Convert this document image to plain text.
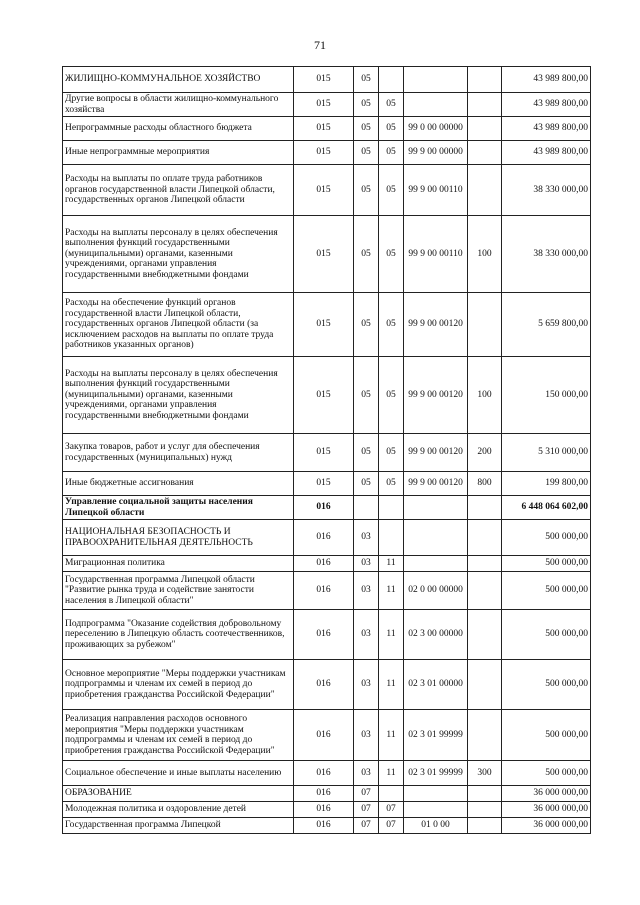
71
ЖИЛИЩНО-КОММУНАЛЬНОЕ ХОЗЯЙСТВО	015	05				43 989 800,00
Другие вопросы в области жилищно-коммунального хозяйства	015	05	05			43 989 800,00
Непрограммные расходы областного бюджета	015	05	05	99 0 00 00000		43 989 800,00
Иные непрограммные мероприятия	015	05	05	99 9 00 00000		43 989 800,00
Расходы на выплаты по оплате труда работников органов государственной власти Липецкой области, государственных органов Липецкой области	015	05	05	99 9 00 00110		38 330 000,00
Расходы на выплаты персоналу в целях обеспечения выполнения функций государственными (муниципальными) органами, казенными учреждениями, органами управления государственными внебюджетными фондами	015	05	05	99 9 00 00110	100	38 330 000,00
Расходы на обеспечение функций органов государственной власти Липецкой области, государственных органов Липецкой области (за исключением расходов на выплаты по оплате труда работников указанных органов)	015	05	05	99 9 00 00120		5 659 800,00
Расходы на выплаты персоналу в целях обеспечения выполнения функций государственными (муниципальными) органами, казенными учреждениями, органами управления государственными внебюджетными фондами	015	05	05	99 9 00 00120	100	150 000,00
Закупка товаров, работ и услуг для обеспечения государственных (муниципальных) нужд	015	05	05	99 9 00 00120	200	5 310 000,00
Иные бюджетные ассигнования	015	05	05	99 9 00 00120	800	199 800,00
Управление социальной защиты населения Липецкой области	016					6 448 064 602,00
НАЦИОНАЛЬНАЯ БЕЗОПАСНОСТЬ И ПРАВООХРАНИТЕЛЬНАЯ ДЕЯТЕЛЬНОСТЬ	016	03				500 000,00
Миграционная политика	016	03	11			500 000,00
Государственная программа Липецкой области "Развитие рынка труда и содействие занятости населения в Липецкой области"	016	03	11	02 0 00 00000		500 000,00
Подпрограмма "Оказание содействия добровольному переселению в Липецкую область соотечественников, проживающих за рубежом"	016	03	11	02 3 00 00000		500 000,00
Основное мероприятие "Меры поддержки участникам подпрограммы и членам их семей в период до приобретения гражданства Российской Федерации"	016	03	11	02 3 01 00000		500 000,00
Реализация направления расходов основного мероприятия "Меры поддержки участникам подпрограммы и членам их семей в период до приобретения гражданства Российской Федерации"	016	03	11	02 3 01 99999		500 000,00
Социальное обеспечение и иные выплаты населению	016	03	11	02 3 01 99999	300	500 000,00
ОБРАЗОВАНИЕ	016	07				36 000 000,00
Молодежная политика и оздоровление детей	016	07	07			36 000 000,00
Государственная программа Липецкой	016	07	07	01 0 00		36 000 000,00
